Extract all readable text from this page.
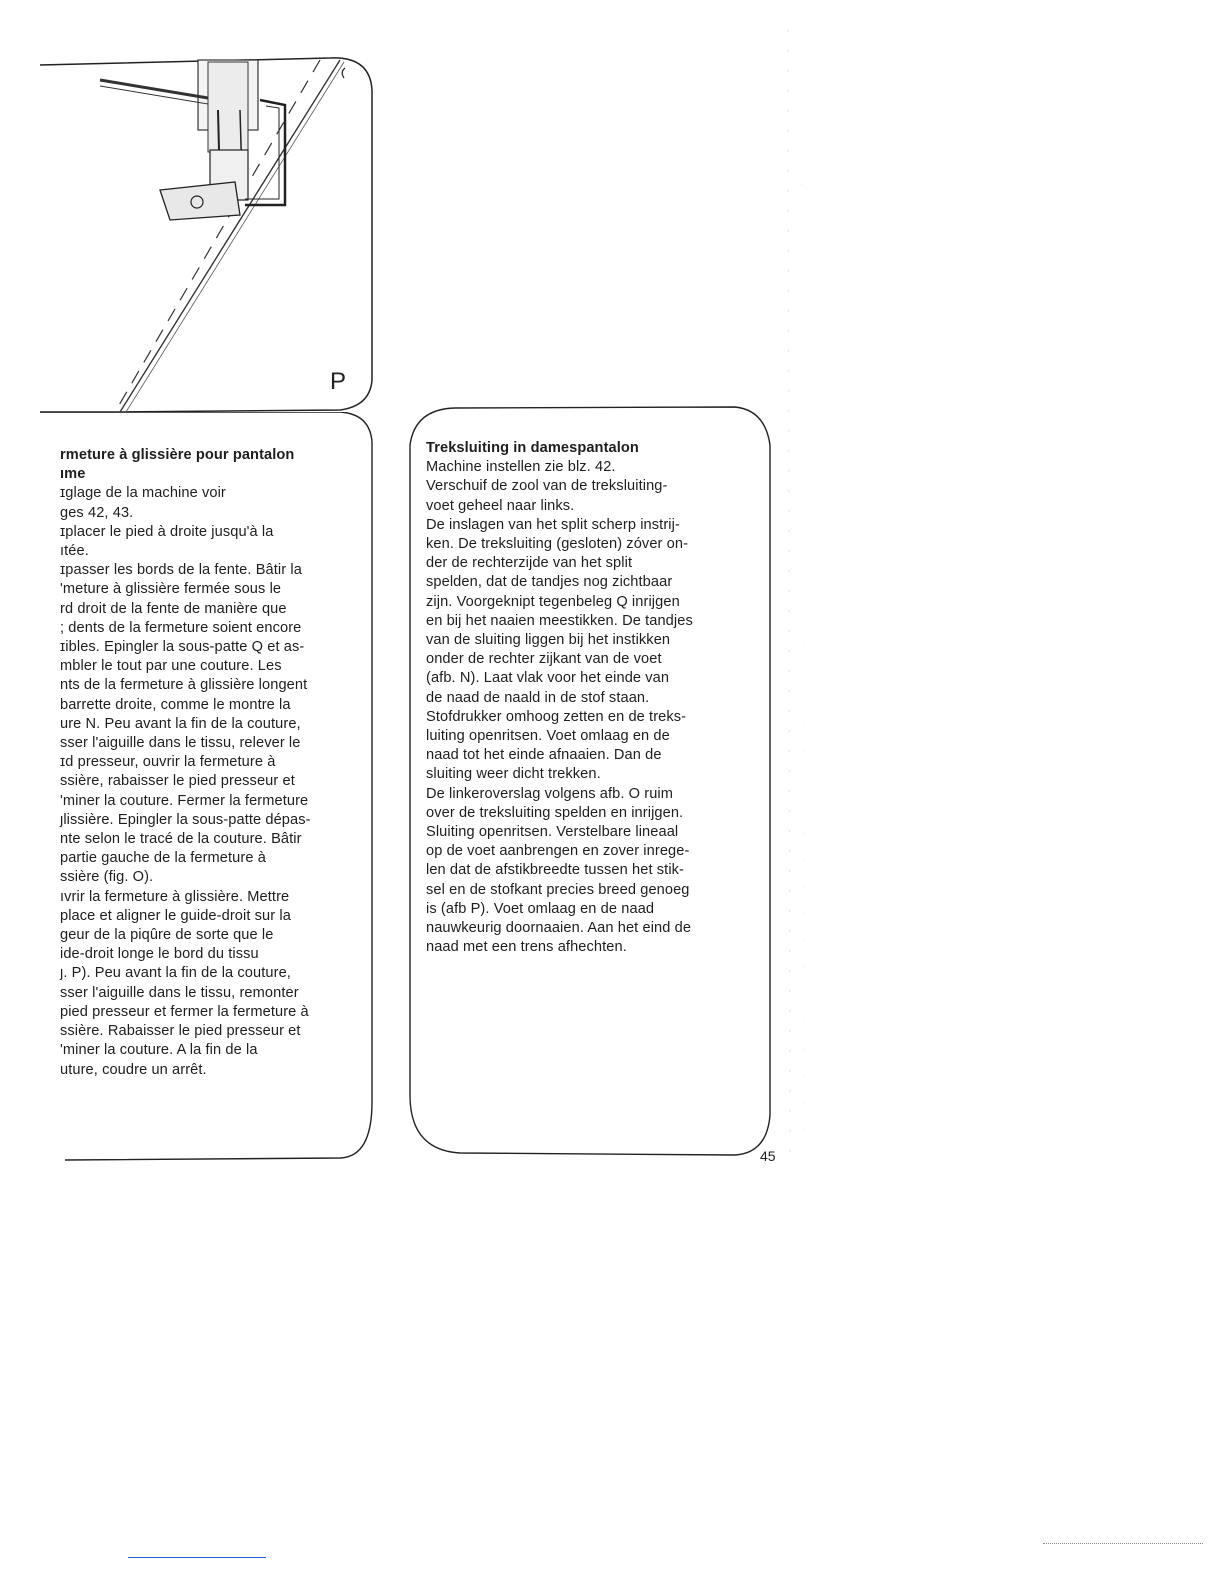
P
rmeture à glissière pour pantalon
ıme
ɪglage de la machine voir
ges 42, 43.
ɪplacer le pied à droite jusqu'à la
ıtée.
ɪpasser les bords de la fente. Bâtir la
'meture à glissière fermée sous le
rd droit de la fente de manière que
; dents de la fermeture soient encore
ɪibles. Epingler la sous-patte Q et as-
mbler le tout par une couture. Les
nts de la fermeture à glissière longent
barrette droite, comme le montre la
ure N. Peu avant la fin de la couture,
sser l'aiguille dans le tissu, relever le
ɪd presseur, ouvrir la fermeture à
ssière, rabaisser le pied presseur et
'miner la couture. Fermer la fermeture
ȷlissière. Epingler la sous-patte dépas-
nte selon le tracé de la couture. Bâtir
partie gauche de la fermeture à
ssière (fig. O).
ıvrir la fermeture à glissière. Mettre
place et aligner le guide-droit sur la
geur de la piqûre de sorte que le
ide-droit longe le bord du tissu
ȷ. P). Peu avant la fin de la couture,
sser l'aiguille dans le tissu, remonter
pied presseur et fermer la fermeture à
ssière. Rabaisser le pied presseur et
'miner la couture. A la fin de la
uture, coudre un arrêt.
Treksluiting in damespantalon
Machine instellen zie blz. 42.
Verschuif de zool van de treksluiting-
voet geheel naar links.
De inslagen van het split scherp instrij-
ken. De treksluiting (gesloten) zóver on-
der de rechterzijde van het split
spelden, dat de tandjes nog zichtbaar
zijn. Voorgeknipt tegenbeleg Q inrijgen
en bij het naaien meestikken. De tandjes
van de sluiting liggen bij het instikken
onder de rechter zijkant van de voet
(afb. N). Laat vlak voor het einde van
de naad de naald in de stof staan.
Stofdrukker omhoog zetten en de treks-
luiting openritsen. Voet omlaag en de
naad tot het einde afnaaien. Dan de
sluiting weer dicht trekken.
De linkeroverslag volgens afb. O ruim
over de treksluiting spelden en inrijgen.
Sluiting openritsen. Verstelbare lineaal
op de voet aanbrengen en zover inrege-
len dat de afstikbreedte tussen het stik-
sel en de stofkant precies breed genoeg
is (afb P). Voet omlaag en de naad
nauwkeurig doornaaien. Aan het eind de
naad met een trens afhechten.
45
